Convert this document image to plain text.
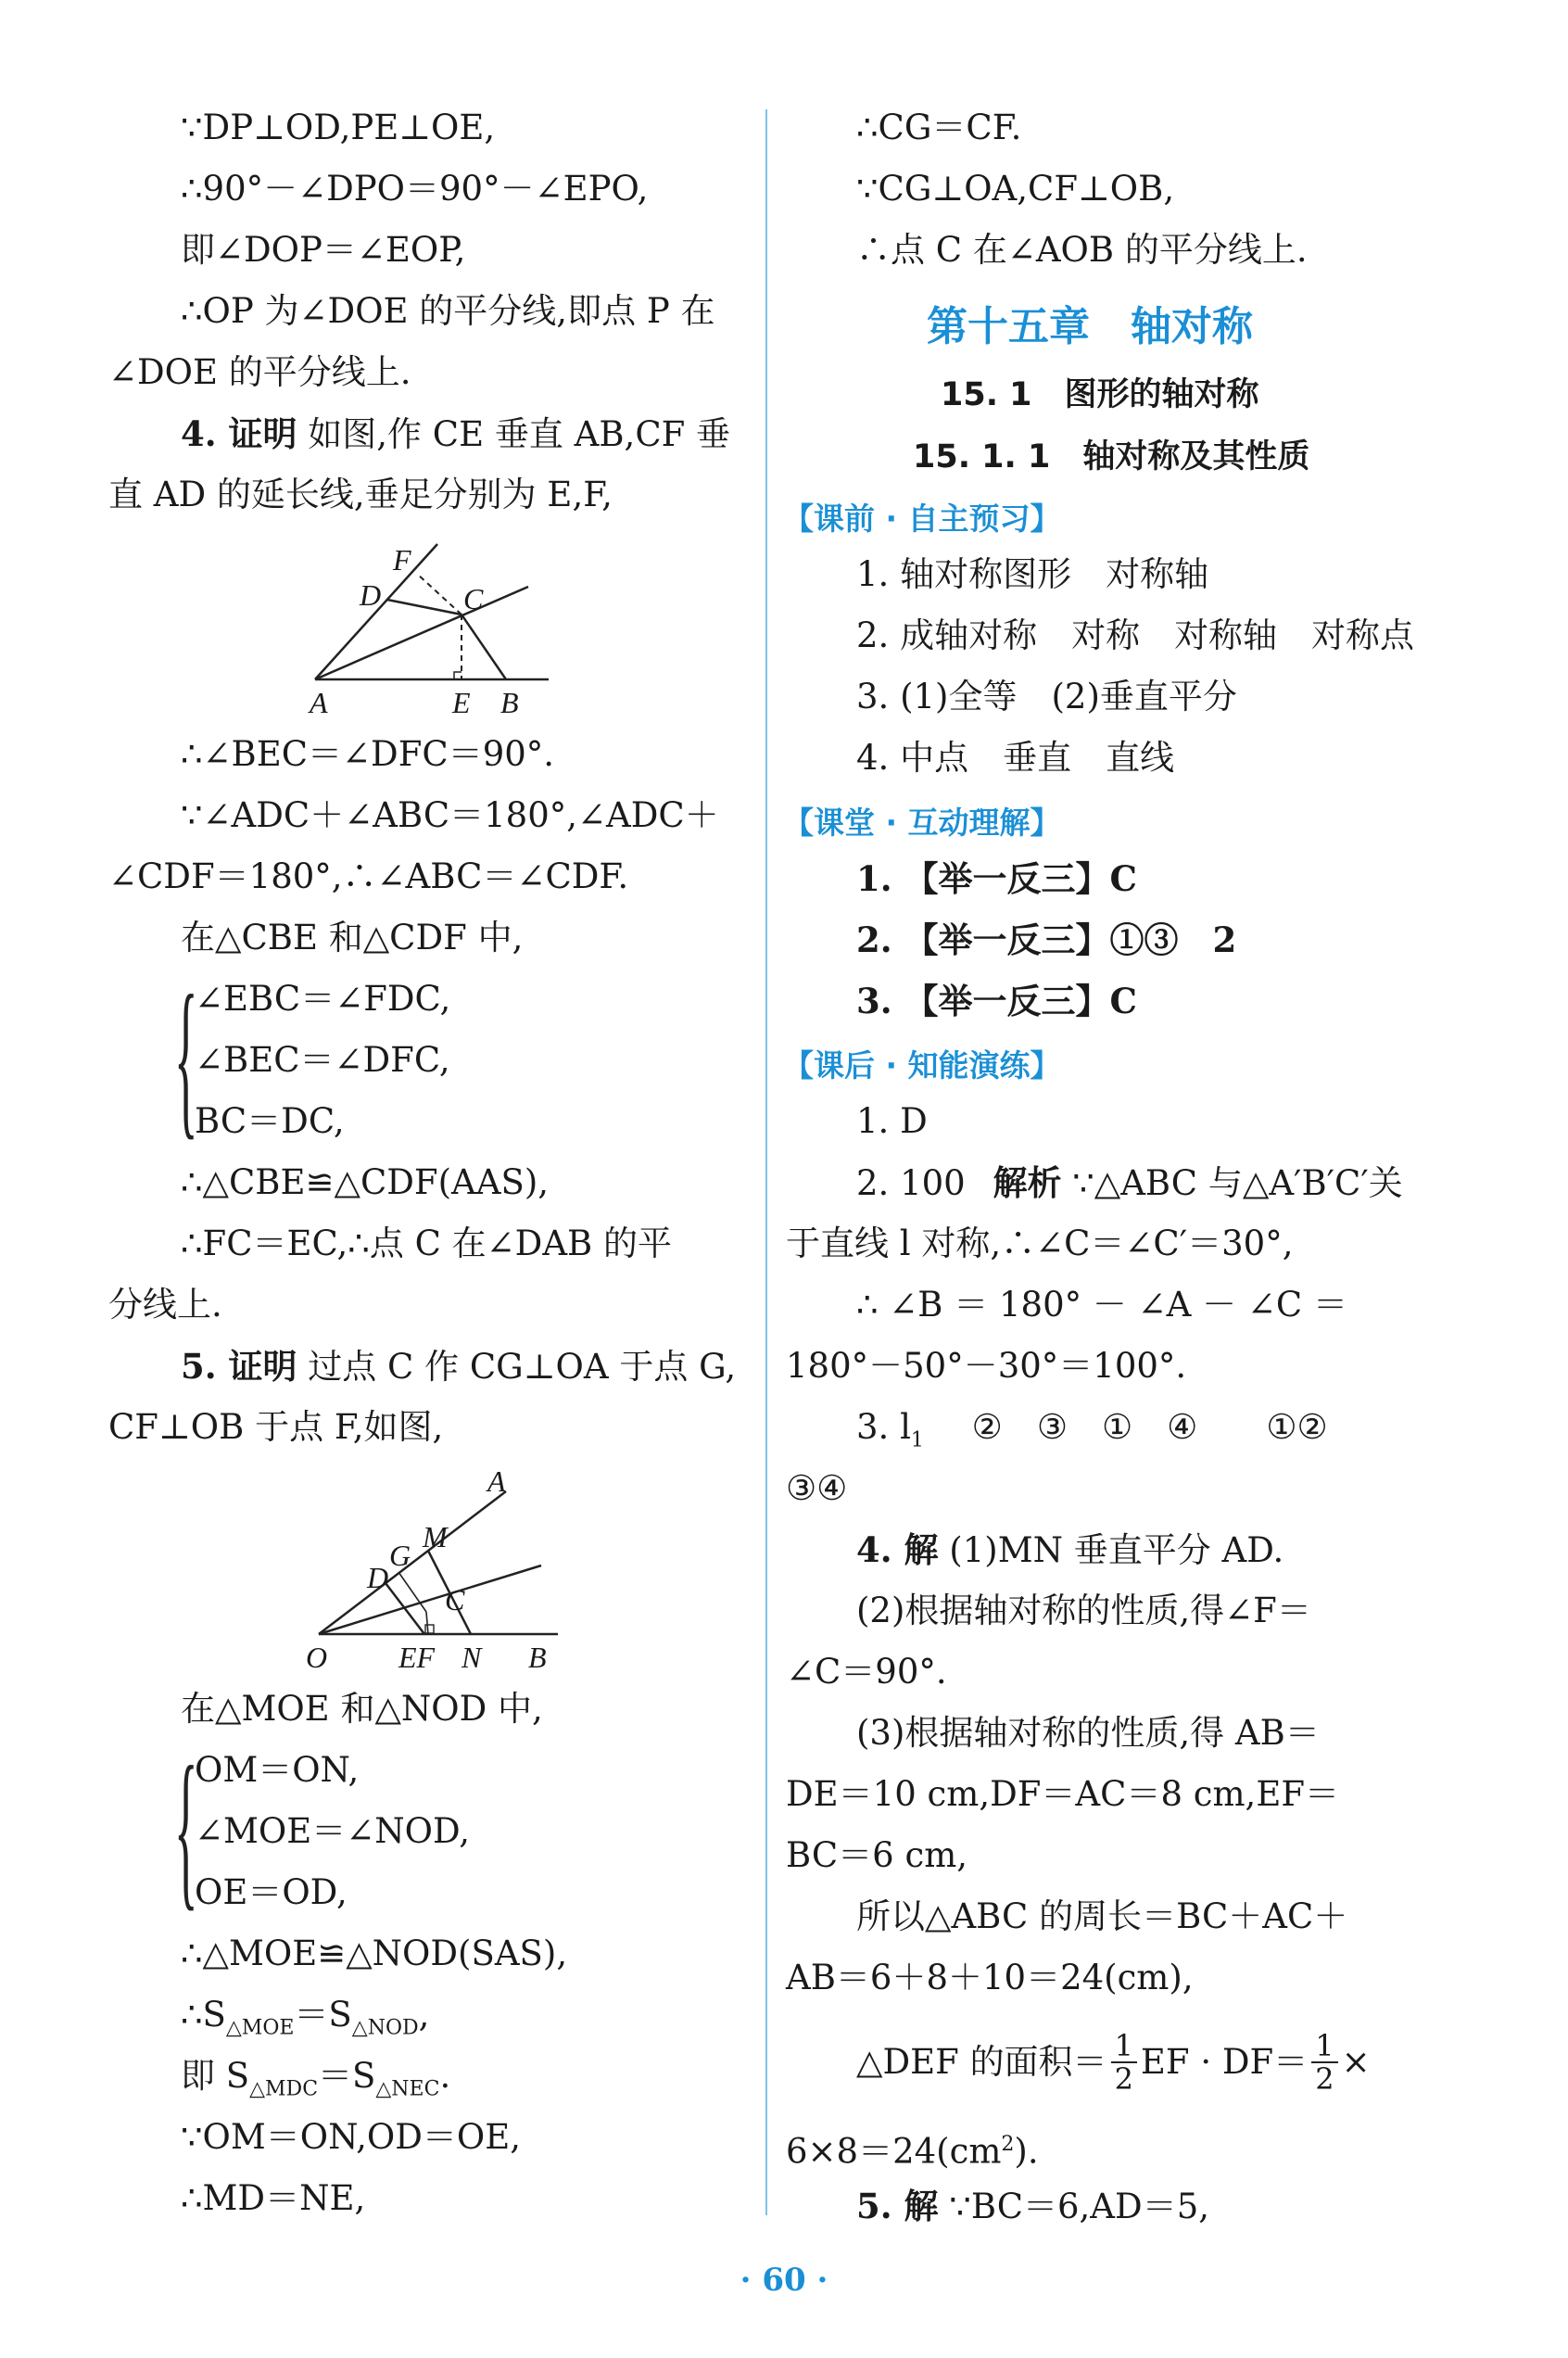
∵DP⊥OD,PE⊥OE,
∴90°－∠DPO＝90°－∠EPO,
即∠DOP＝∠EOP,
∴OP 为∠DOE 的平分线,即点 P 在
∠DOE 的平分线上.
4. 证明 如图,作 CE 垂直 AB,CF 垂
直 AD 的延长线,垂足分别为 E,F,
A	B
E
C
D
F
∴∠BEC＝∠DFC＝90°.
∵∠ADC＋∠ABC＝180°,∠ADC＋
∠CDF＝180°,∴∠ABC＝∠CDF.
在△CBE 和△CDF 中,
{
∠EBC＝∠FDC,
∠BEC＝∠DFC,
BC＝DC,
∴△CBE≌△CDF(AAS),
∴FC＝EC,∴点 C 在∠DAB 的平
分线上.
5. 证明 过点 C 作 CG⊥OA 于点 G,
CF⊥OB 于点 F,如图,
A
M
G
D
C
O EF N B
在△MOE 和△NOD 中,
{
OM＝ON,
∠MOE＝∠NOD,
OE＝OD,
∴△MOE≌△NOD(SAS),
$\therefore S_{\triangle MOE}=S_{\triangle NOD}$,
即 $S_{\triangle MDC}=S_{\triangle NEC}$.
∵OM＝ON,OD＝OE,
∴MD＝NE,
∴CG＝CF.
∵CG⊥OA,CF⊥OB,
∴点 C 在∠AOB 的平分线上.
第十五章　轴对称
15. 1　图形的轴对称
15. 1. 1　轴对称及其性质
【课前 · 自主预习】
1. 轴对称图形　对称轴
2. 成轴对称　对称　对称轴　对称点
3. (1)全等　(2)垂直平分
4. 中点　垂直　直线
【课堂 · 互动理解】
1. 【举一反三】C
2. 【举一反三】①③　2
3. 【举一反三】C
【课后 · 知能演练】
1. D
2. 100 解析 ∵△ABC 与△A′B′C′关
于直线 l 对称,∴∠C＝∠C′＝30°,
∴ ∠B ＝ 180° － ∠A － ∠C ＝
180°－50°－30°＝100°.
3. $l_1$ ②　③　①　④　　①②
③④
4. 解 (1)MN 垂直平分 AD.
(2)根据轴对称的性质,得∠F＝
∠C＝90°.
(3)根据轴对称的性质,得 AB＝
DE＝10 cm,DF＝AC＝8 cm,EF＝
BC＝6 cm,
所以△ABC 的周长＝BC＋AC＋
AB＝6＋8＋10＝24(cm),
△DEF 的面积＝ $\frac{1}{2}$ EF · $DF= \frac{1}{2}$ ×
$6\times 8=24(cm^2)$.
5. 解 ∵BC＝6,AD＝5,
· 60 ·
